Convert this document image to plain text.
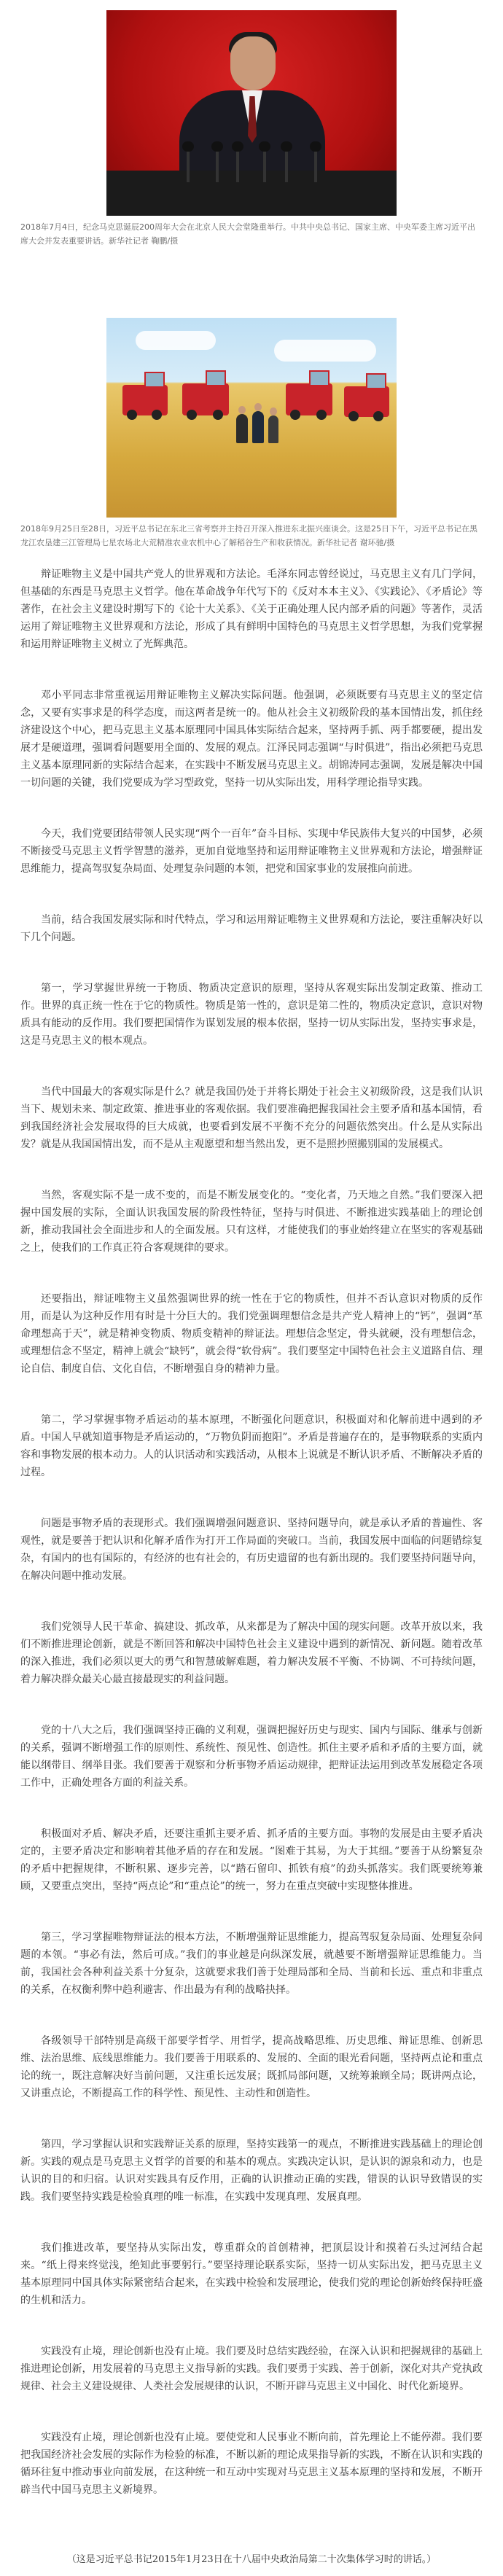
2018年7月4日，纪念马克思诞辰200周年大会在北京人民大会堂隆重举行。中共中央总书记、国家主席、中央军委主席习近平出席大会并发表重要讲话。新华社记者 鞠鹏/摄
2018年9月25日至28日，习近平总书记在东北三省考察并主持召开深入推进东北振兴座谈会。这是25日下午，习近平总书记在黑龙江农垦建三江管理局七星农场北大荒精准农业农机中心了解稻谷生产和收获情况。新华社记者 谢环驰/摄

辩证唯物主义是中国共产党人的世界观和方法论。毛泽东同志曾经说过，马克思主义有几门学问，但基础的东西是马克思主义哲学。他在革命战争年代写下的《反对本本主义》、《实践论》、《矛盾论》等著作，在社会主义建设时期写下的《论十大关系》、《关于正确处理人民内部矛盾的问题》等著作，灵活运用了辩证唯物主义世界观和方法论，形成了具有鲜明中国特色的马克思主义哲学思想，为我们党掌握和运用辩证唯物主义树立了光辉典范。

邓小平同志非常重视运用辩证唯物主义解决实际问题。他强调，必须既要有马克思主义的坚定信念，又要有实事求是的科学态度，而这两者是统一的。他从社会主义初级阶段的基本国情出发，抓住经济建设这个中心，把马克思主义基本原理同中国具体实际结合起来，坚持两手抓、两手都要硬，提出发展才是硬道理，强调看问题要用全面的、发展的观点。江泽民同志强调“与时俱进”，指出必须把马克思主义基本原理同新的实际结合起来，在实践中不断发展马克思主义。胡锦涛同志强调，发展是解决中国一切问题的关键，我们党要成为学习型政党，坚持一切从实际出发，用科学理论指导实践。

今天，我们党要团结带领人民实现“两个一百年”奋斗目标、实现中华民族伟大复兴的中国梦，必须不断接受马克思主义哲学智慧的滋养，更加自觉地坚持和运用辩证唯物主义世界观和方法论，增强辩证思维能力，提高驾驭复杂局面、处理复杂问题的本领，把党和国家事业的发展推向前进。

当前，结合我国发展实际和时代特点，学习和运用辩证唯物主义世界观和方法论，要注重解决好以下几个问题。

第一，学习掌握世界统一于物质、物质决定意识的原理，坚持从客观实际出发制定政策、推动工作。世界的真正统一性在于它的物质性。物质是第一性的，意识是第二性的，物质决定意识，意识对物质具有能动的反作用。我们要把国情作为谋划发展的根本依据，坚持一切从实际出发，坚持实事求是，这是马克思主义的根本观点。

当代中国最大的客观实际是什么？就是我国仍处于并将长期处于社会主义初级阶段，这是我们认识当下、规划未来、制定政策、推进事业的客观依据。我们要准确把握我国社会主要矛盾和基本国情，看到我国经济社会发展取得的巨大成就，也要看到发展不平衡不充分的问题依然突出。什么是从实际出发？就是从我国国情出发，而不是从主观愿望和想当然出发，更不是照抄照搬别国的发展模式。

当然，客观实际不是一成不变的，而是不断发展变化的。“变化者，乃天地之自然。”我们要深入把握中国发展的实际，全面认识我国发展的阶段性特征，坚持与时俱进、不断推进实践基础上的理论创新，推动我国社会全面进步和人的全面发展。只有这样，才能使我们的事业始终建立在坚实的客观基础之上，使我们的工作真正符合客观规律的要求。

还要指出，辩证唯物主义虽然强调世界的统一性在于它的物质性，但并不否认意识对物质的反作用，而是认为这种反作用有时是十分巨大的。我们党强调理想信念是共产党人精神上的“钙”，强调“革命理想高于天”，就是精神变物质、物质变精神的辩证法。理想信念坚定，骨头就硬，没有理想信念，或理想信念不坚定，精神上就会“缺钙”，就会得“软骨病”。我们要坚定中国特色社会主义道路自信、理论自信、制度自信、文化自信，不断增强自身的精神力量。

第二，学习掌握事物矛盾运动的基本原理，不断强化问题意识，积极面对和化解前进中遇到的矛盾。中国人早就知道事物是矛盾运动的，“万物负阴而抱阳”。矛盾是普遍存在的，是事物联系的实质内容和事物发展的根本动力。人的认识活动和实践活动，从根本上说就是不断认识矛盾、不断解决矛盾的过程。

问题是事物矛盾的表现形式。我们强调增强问题意识、坚持问题导向，就是承认矛盾的普遍性、客观性，就是要善于把认识和化解矛盾作为打开工作局面的突破口。当前，我国发展中面临的问题错综复杂，有国内的也有国际的，有经济的也有社会的，有历史遗留的也有新出现的。我们要坚持问题导向，在解决问题中推动发展。

我们党领导人民干革命、搞建设、抓改革，从来都是为了解决中国的现实问题。改革开放以来，我们不断推进理论创新，就是不断回答和解决中国特色社会主义建设中遇到的新情况、新问题。随着改革的深入推进，我们必须以更大的勇气和智慧破解难题，着力解决发展不平衡、不协调、不可持续问题，着力解决群众最关心最直接最现实的利益问题。

党的十八大之后，我们强调坚持正确的义利观，强调把握好历史与现实、国内与国际、继承与创新的关系，强调不断增强工作的原则性、系统性、预见性、创造性。抓住主要矛盾和矛盾的主要方面，就能以纲带目、纲举目张。我们要善于观察和分析事物矛盾运动规律，把辩证法运用到改革发展稳定各项工作中，正确处理各方面的利益关系。

积极面对矛盾、解决矛盾，还要注重抓主要矛盾、抓矛盾的主要方面。事物的发展是由主要矛盾决定的，主要矛盾决定和影响着其他矛盾的存在和发展。“图难于其易，为大于其细。”要善于从纷繁复杂的矛盾中把握规律，不断积累、逐步完善，以“踏石留印、抓铁有痕”的劲头抓落实。我们既要统筹兼顾，又要重点突出，坚持“两点论”和“重点论”的统一，努力在重点突破中实现整体推进。

第三，学习掌握唯物辩证法的根本方法，不断增强辩证思维能力，提高驾驭复杂局面、处理复杂问题的本领。“事必有法，然后可成。”我们的事业越是向纵深发展，就越要不断增强辩证思维能力。当前，我国社会各种利益关系十分复杂，这就要求我们善于处理局部和全局、当前和长远、重点和非重点的关系，在权衡利弊中趋利避害、作出最为有利的战略抉择。

各级领导干部特别是高级干部要学哲学、用哲学，提高战略思维、历史思维、辩证思维、创新思维、法治思维、底线思维能力。我们要善于用联系的、发展的、全面的眼光看问题，坚持两点论和重点论的统一，既注意解决好当前问题，又注重长远发展；既抓局部问题，又统筹兼顾全局；既讲两点论，又讲重点论，不断提高工作的科学性、预见性、主动性和创造性。

第四，学习掌握认识和实践辩证关系的原理，坚持实践第一的观点，不断推进实践基础上的理论创新。实践的观点是马克思主义哲学的首要的和基本的观点。实践决定认识，是认识的源泉和动力，也是认识的目的和归宿。认识对实践具有反作用，正确的认识推动正确的实践，错误的认识导致错误的实践。我们要坚持实践是检验真理的唯一标准，在实践中发现真理、发展真理。

我们推进改革，要坚持从实际出发，尊重群众的首创精神，把顶层设计和摸着石头过河结合起来。“纸上得来终觉浅，绝知此事要躬行。”要坚持理论联系实际，坚持一切从实际出发，把马克思主义基本原理同中国具体实际紧密结合起来，在实践中检验和发展理论，使我们党的理论创新始终保持旺盛的生机和活力。

实践没有止境，理论创新也没有止境。我们要及时总结实践经验，在深入认识和把握规律的基础上推进理论创新，用发展着的马克思主义指导新的实践。我们要勇于实践、善于创新，深化对共产党执政规律、社会主义建设规律、人类社会发展规律的认识，不断开辟马克思主义中国化、时代化新境界。

实践没有止境，理论创新也没有止境。要使党和人民事业不断向前，首先理论上不能停滞。我们要把我国经济社会发展的实际作为检验的标准，不断以新的理论成果指导新的实践，不断在认识和实践的循环往复中推动事业向前发展，在这种统一和互动中实现对马克思主义基本原理的坚持和发展，不断开辟当代中国马克思主义新境界。

（这是习近平总书记2015年1月23日在十八届中央政治局第二十次集体学习时的讲话。）
